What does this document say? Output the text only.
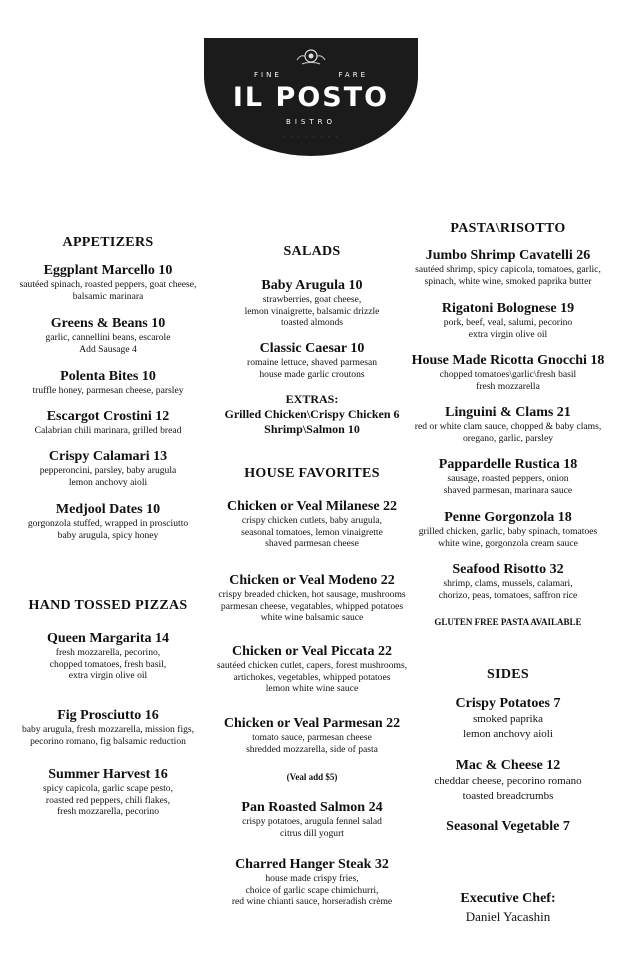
FINE	FARE
IL POSTO
BISTRO
· · · · · · · ·
APPETIZERS
Eggplant Marcello 10
sautéed spinach, roasted peppers, goat cheese,
balsamic marinara
Greens & Beans 10
garlic, cannellini beans, escarole
Add Sausage 4
Polenta Bites 10
truffle honey, parmesan cheese, parsley
Escargot Crostini 12
Calabrian chili marinara, grilled bread
Crispy Calamari 13
pepperoncini, parsley, baby arugula
lemon anchovy aioli
Medjool Dates 10
gorgonzola stuffed, wrapped in prosciutto
baby arugula, spicy honey
HAND TOSSED PIZZAS
Queen Margarita 14
fresh mozzarella, pecorino,
chopped tomatoes, fresh basil,
extra virgin olive oil
Fig Prosciutto 16
baby arugula, fresh mozzarella, mission figs,
pecorino romano, fig balsamic reduction
Summer Harvest 16
spicy capicola, garlic scape pesto,
roasted red peppers, chili flakes,
fresh mozzarella, pecorino
SALADS
Baby Arugula 10
strawberries, goat cheese,
lemon vinaigrette, balsamic drizzle
toasted almonds
Classic Caesar 10
romaine lettuce, shaved parmesan
house made garlic croutons
EXTRAS:
Grilled Chicken\Crispy Chicken 6
Shrimp\Salmon 10
HOUSE FAVORITES
Chicken or Veal Milanese 22
crispy chicken cutlets, baby arugula,
seasonal tomatoes, lemon vinaigrette
shaved parmesan cheese
Chicken or Veal Modeno 22
crispy breaded chicken, hot sausage, mushrooms
parmesan cheese, vegatables, whipped potatoes
white wine balsamic sauce
Chicken or Veal Piccata 22
sautéed chicken cutlet, capers, forest mushrooms,
artichokes, vegetables, whipped potatoes
lemon white wine sauce
Chicken or Veal Parmesan 22
tomato sauce, parmesan cheese
shredded mozzarella, side of pasta
(Veal add $5)
Pan Roasted Salmon 24
crispy potatoes, arugula fennel salad
citrus dill yogurt
Charred Hanger Steak 32
house made crispy fries,
choice of garlic scape chimichurri,
red wine chianti sauce, horseradish crème
PASTA\RISOTTO
Jumbo Shrimp Cavatelli 26
sautéed shrimp, spicy capicola, tomatoes, garlic,
spinach, white wine, smoked paprika butter
Rigatoni Bolognese 19
pork, beef, veal, salumi, pecorino
extra virgin olive oil
House Made Ricotta Gnocchi 18
chopped tomatoes\garlic\fresh basil
fresh mozzarella
Linguini & Clams 21
red or white clam sauce, chopped & baby clams,
oregano, garlic, parsley
Pappardelle Rustica 18
sausage, roasted peppers, onion
shaved parmesan, marinara sauce
Penne Gorgonzola 18
grilled chicken, garlic, baby spinach, tomatoes
white wine, gorgonzola cream sauce
Seafood Risotto 32
shrimp, clams, mussels, calamari,
chorizo, peas, tomatoes, saffron rice
GLUTEN FREE PASTA AVAILABLE
SIDES
Crispy Potatoes 7
smoked paprika
lemon anchovy aioli
Mac & Cheese 12
cheddar cheese, pecorino romano
toasted breadcrumbs
Seasonal Vegetable 7
Executive Chef:
Daniel Yacashin
